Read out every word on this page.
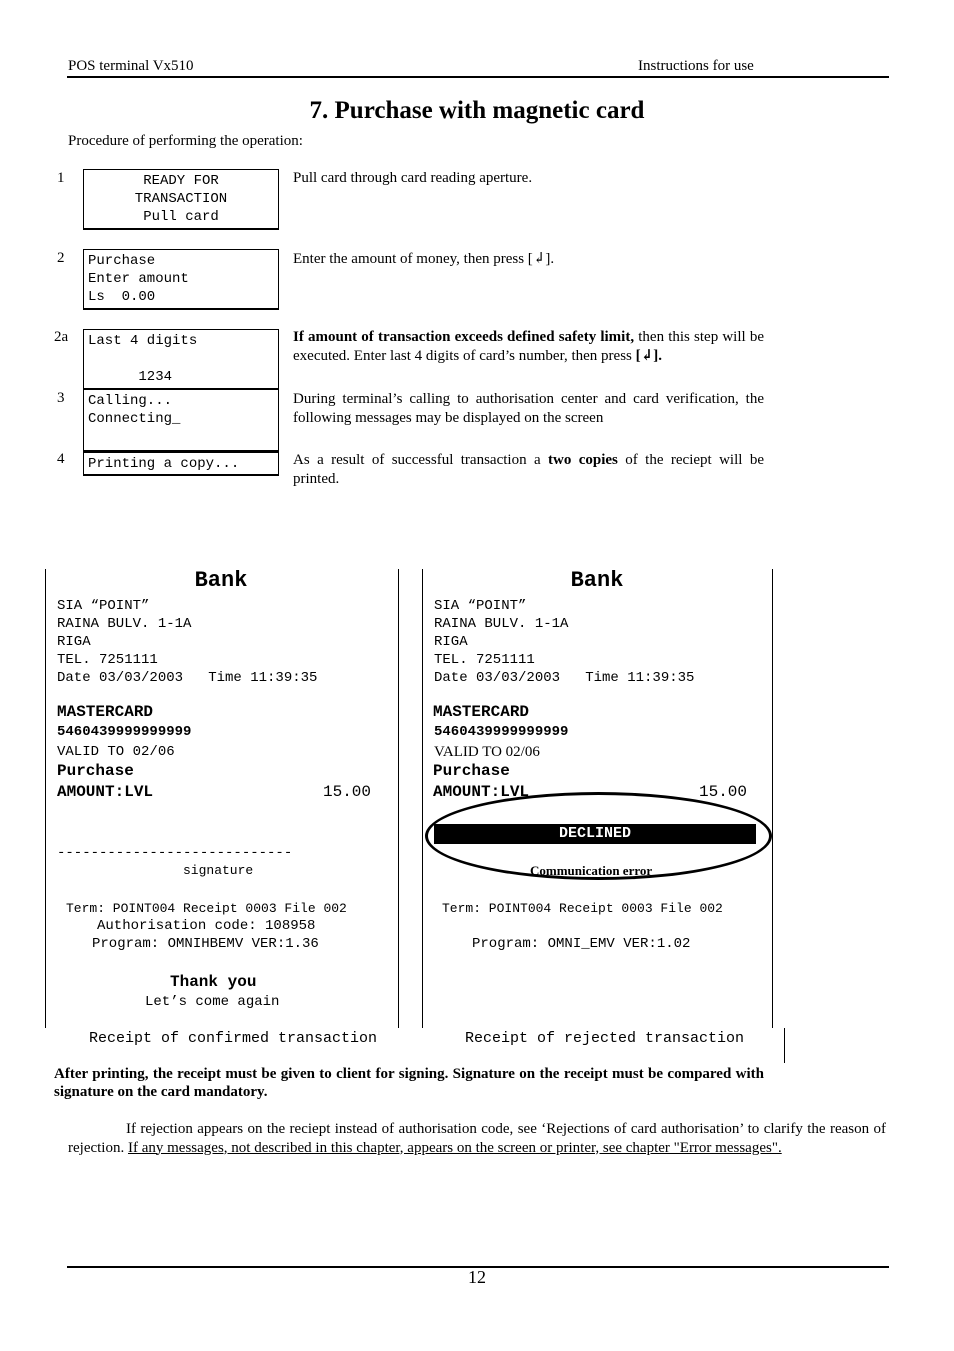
POS terminal Vx510	Instructions for use
7. Purchase with magnetic card
Procedure of performing the operation:
1	READY FOR
TRANSACTION
Pull card
Pull card through card reading aperture.
2	Purchase
Enter amount
Ls  0.00
Enter the amount of money, then press [↲].
2a	Last 4 digits

1234
If amount of transaction exceeds defined safety limit, then this step will be executed. Enter last 4 digits of card’s number, then press [↲].
3	Calling...
Connecting_

During terminal’s calling to authorisation center and card verification, the following messages may be displayed on the screen
4	Printing a copy...	As a result of successful transaction a two copies of the reciept will be printed.
Bank
SIA “POINT”
RAINA BULV. 1-1A
RIGA
TEL. 7251111
Date 03/03/2003   Time 11:39:35
MASTERCARD
5460439999999999
VALID TO 02/06
Purchase
AMOUNT:LVL	15.00
----------------------------
signature
Term: POINT004 Receipt 0003 File 002
Authorisation code: 108958
Program: OMNIHBEMV VER:1.36
Thank you
Let’s come again
Receipt of confirmed transaction
Bank
SIA “POINT”
RAINA BULV. 1-1A
RIGA
TEL. 7251111
Date 03/03/2003   Time 11:39:35
MASTERCARD
5460439999999999
VALID TO 02/06
Purchase
AMOUNT:LVL	15.00
DECLINED
Communication error
Term: POINT004 Receipt 0003 File 002
Program: OMNI_EMV VER:1.02
Receipt of rejected transaction
After printing, the receipt must be given to client for signing. Signature on the receipt must be compared with signature on the card mandatory.
If rejection appears on the reciept instead of authorisation code, see ‘Rejections of card authorisation’ to clarify the reason of rejection. If any messages, not described in this chapter, appears on the screen or printer, see chapter "Error messages".
12
